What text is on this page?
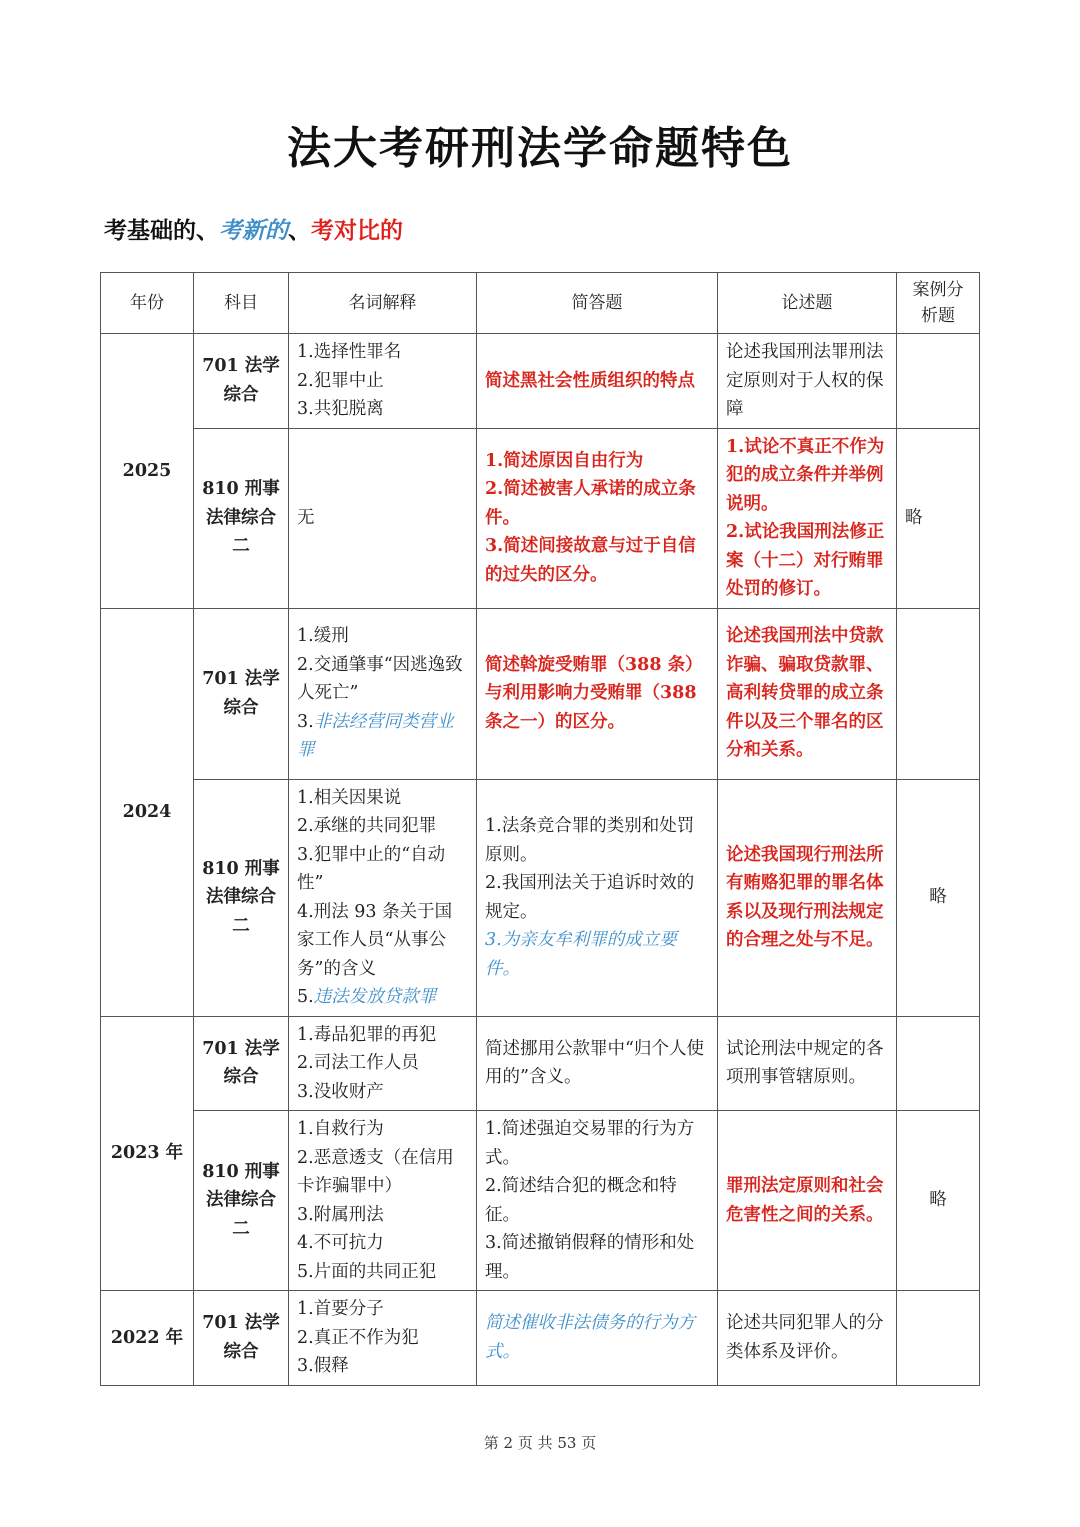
法大考研刑法学命题特色
考基础的、考新的、考对比的
年份	科目	名词解释	简答题	论述题	案例分析题
2025	701 法学综合	1.选择性罪名
2.犯罪中止
3.共犯脱离	简述黑社会性质组织的特点	论述我国刑法罪刑法定原则对于人权的保障	
	810 刑事法律综合二	无	1.简述原因自由行为
2.简述被害人承诺的成立条件。
3.简述间接故意与过于自信的过失的区分。	1.试论不真正不作为犯的成立条件并举例说明。
2.试论我国刑法修正案（十二）对行贿罪处罚的修订。	略
2024	701 法学综合	1.缓刑
2.交通肇事“因逃逸致人死亡”
3.非法经营同类营业罪	简述斡旋受贿罪（388 条）与利用影响力受贿罪（388 条之一）的区分。	论述我国刑法中贷款诈骗、骗取贷款罪、高利转贷罪的成立条件以及三个罪名的区分和关系。	
	810 刑事法律综合二	1.相关因果说
2.承继的共同犯罪
3.犯罪中止的“自动性”
4.刑法 93 条关于国家工作人员“从事公务”的含义
5.违法发放贷款罪	1.法条竞合罪的类别和处罚原则。
2.我国刑法关于追诉时效的规定。
3.为亲友牟利罪的成立要件。	论述我国现行刑法所有贿赂犯罪的罪名体系以及现行刑法规定的合理之处与不足。	略
2023 年	701 法学综合	1.毒品犯罪的再犯
2.司法工作人员
3.没收财产	简述挪用公款罪中“归个人使用的”含义。	试论刑法中规定的各项刑事管辖原则。	
	810 刑事法律综合二	1.自救行为
2.恶意透支（在信用卡诈骗罪中）
3.附属刑法
4.不可抗力
5.片面的共同正犯	1.简述强迫交易罪的行为方式。
2.简述结合犯的概念和特征。
3.简述撤销假释的情形和处理。	罪刑法定原则和社会危害性之间的关系。	略
2022 年	701 法学综合	1.首要分子
2.真正不作为犯
3.假释	简述催收非法债务的行为方式。	论述共同犯罪人的分类体系及评价。	
第 2 页 共 53 页
